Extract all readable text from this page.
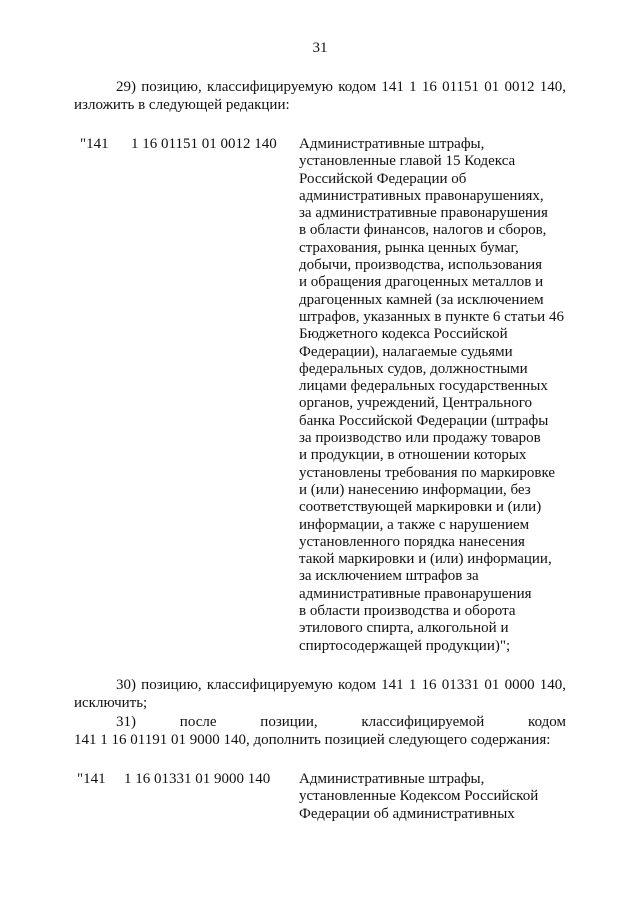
31
29) позицию, классифицируемую кодом 141 1 16 01151 01 0012 140,
изложить в следующей редакции:
"141 1 16 01151 01 0012 140 Административные штрафы,
установленные главой 15 Кодекса
Российской Федерации об
административных правонарушениях,
за административные правонарушения
в области финансов, налогов и сборов,
страхования, рынка ценных бумаг,
добычи, производства, использования
и обращения драгоценных металлов и
драгоценных камней (за исключением
штрафов, указанных в пункте 6 статьи 46
Бюджетного кодекса Российской
Федерации), налагаемые судьями
федеральных судов, должностными
лицами федеральных государственных
органов, учреждений, Центрального
банка Российской Федерации (штрафы
за производство или продажу товаров
и продукции, в отношении которых
установлены требования по маркировке
и (или) нанесению информации, без
соответствующей маркировки и (или)
информации, а также с нарушением
установленного порядка нанесения
такой маркировки и (или) информации,
за исключением штрафов за
административные правонарушения
в области производства и оборота
этилового спирта, алкогольной и
спиртосодержащей продукции)";
30) позицию, классифицируемую кодом 141 1 16 01331 01 0000 140,
исключить;
31) после позиции, классифицируемой кодом
141 1 16 01191 01 9000 140, дополнить позицией следующего содержания:
"141 1 16 01331 01 9000 140 Административные штрафы,
установленные Кодексом Российской
Федерации об административных
